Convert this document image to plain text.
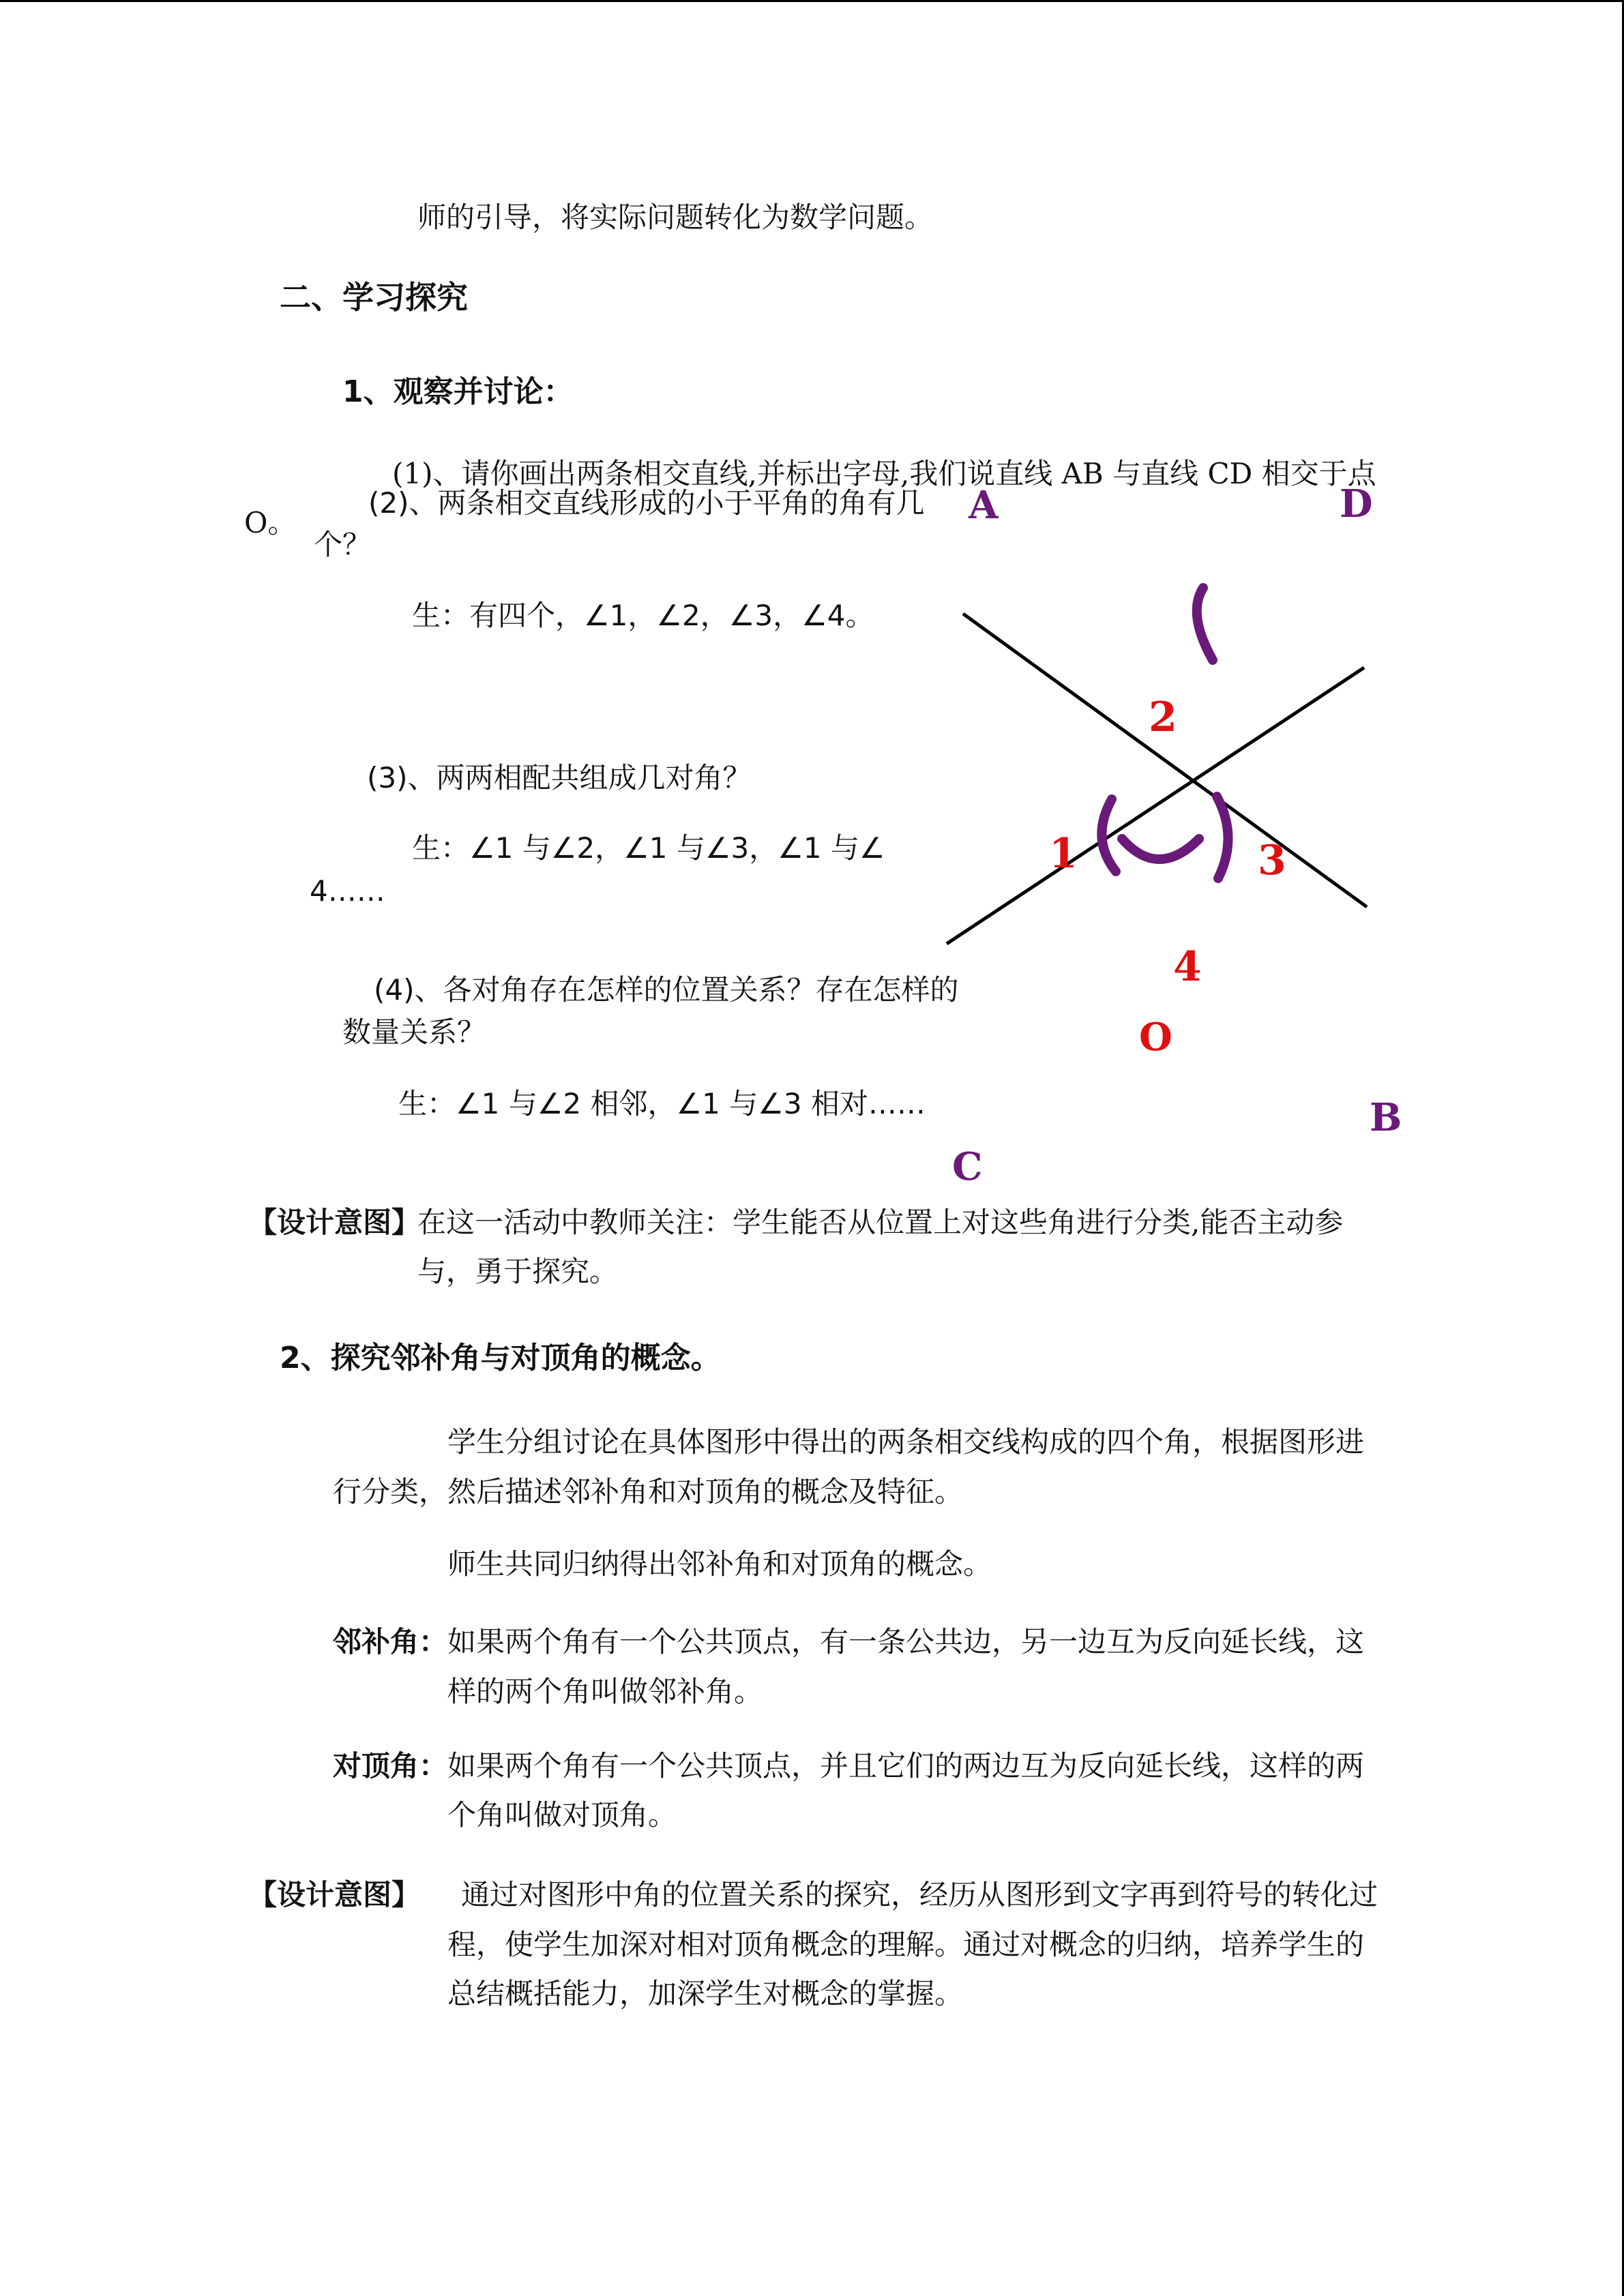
师的引导，将实际问题转化为数学问题。
二、学习探究
1、观察并讨论：
(1)、请你画出两条相交直线,并标出字母,我们说直线 AB 与直线 CD 相交于点
O。
(2)、两条相交直线形成的小于平角的角有几
个？
生：有四个，∠1，∠2，∠3，∠4。
(3)、两两相配共组成几对角？
生：∠1 与∠2，∠1 与∠3，∠1 与∠
4……
(4)、各对角存在怎样的位置关系？存在怎样的
数量关系？
生：∠1 与∠2 相邻，∠1 与∠3 相对……
【设计意图】
在这一活动中教师关注：学生能否从位置上对这些角进行分类,能否主动参
与，勇于探究。
2、探究邻补角与对顶角的概念。
学生分组讨论在具体图形中得出的两条相交线构成的四个角，根据图形进
行分类，然后描述邻补角和对顶角的概念及特征。
师生共同归纳得出邻补角和对顶角的概念。
邻补角： 如果两个角有一个公共顶点，有一条公共边，另一边互为反向延长线，这
样的两个角叫做邻补角。
对顶角： 如果两个角有一个公共顶点，并且它们的两边互为反向延长线，这样的两
个角叫做对顶角。
【设计意图】 通过对图形中角的位置关系的探究，经历从图形到文字再到符号的转化过
程，使学生加深对相对顶角概念的理解。通过对概念的归纳，培养学生的
总结概括能力，加深学生对概念的掌握。
A	D
B
C
O
1
2
3
4
